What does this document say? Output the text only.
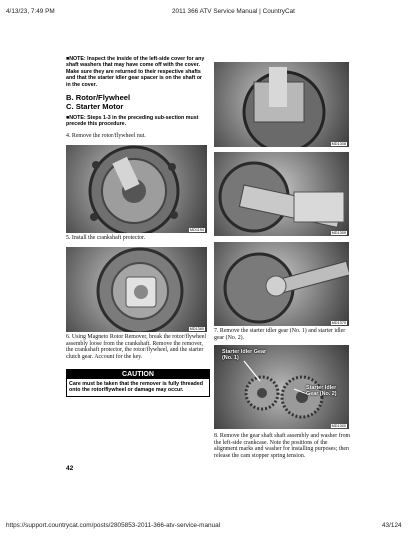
4/13/23, 7:49 PM	2011 366 ATV Service Manual | CountryCat
■NOTE: Inspect the inside of the left-side cover for any shaft washers that may have come off with the cover. Make sure they are returned to their respective shafts and that the starter idler gear spacer is on the shaft or in the cover.
B. Rotor/Flywheel
C. Starter Motor
■NOTE: Steps 1-3 in the preceding sub-section must precede this procedure.
4. Remove the rotor/flywheel nut.
MD1194
5. Install the crankshaft protector.
MD1365
6. Using Magneto Rotor Remover, break the rotor/flywheel assembly loose from the crankshaft. Remove the remover, the crankshaft protector, the rotor/flywheel, and the starter clutch gear. Account for the key.
CAUTION
Care must be taken that the remover is fully threaded onto the rotor/flywheel or damage may occur.
42
MD1308
MD1309
MD1370
7. Remove the starter idler gear (No. 1) and starter idler gear (No. 2).
Starter Idler Gear (No. 1)
Starter Idler Gear (No. 2)
MD1300
8. Remove the gear shaft shaft assembly and washer from the left-side crankcase. Note the positions of the alignment marks and washer for installing purposes; then release the cam stopper spring tension.
https://support.countrycat.com/posts/2805853-2011-366-atv-service-manual	43/124
